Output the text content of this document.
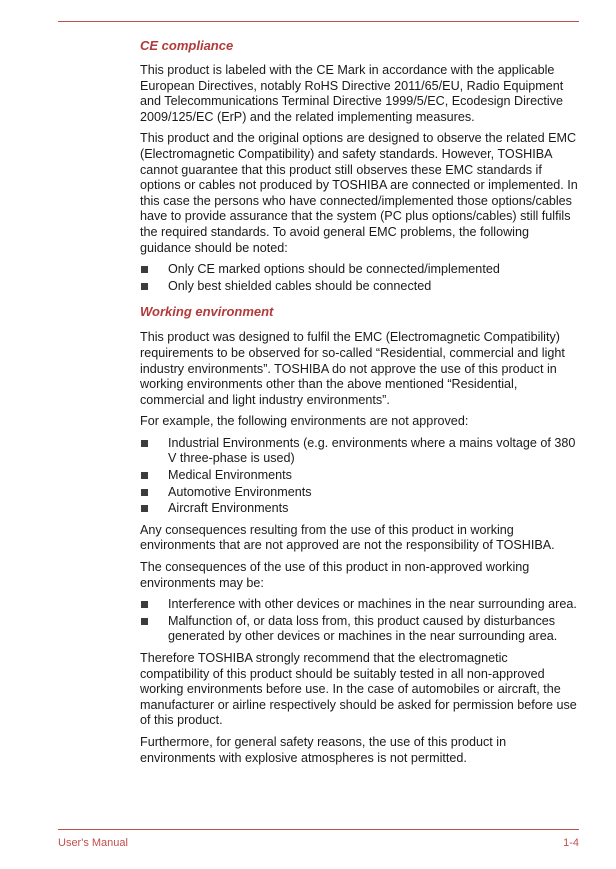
CE compliance

This product is labeled with the CE Mark in accordance with the applicable European Directives, notably RoHS Directive 2011/65/EU, Radio Equipment and Telecommunications Terminal Directive 1999/5/EC, Ecodesign Directive 2009/125/EC (ErP) and the related implementing measures.

This product and the original options are designed to observe the related EMC (Electromagnetic Compatibility) and safety standards. However, TOSHIBA cannot guarantee that this product still observes these EMC standards if options or cables not produced by TOSHIBA are connected or implemented. In this case the persons who have connected/implemented those options/cables have to provide assurance that the system (PC plus options/cables) still fulfils the required standards. To avoid general EMC problems, the following guidance should be noted:

Only CE marked options should be connected/implemented
Only best shielded cables should be connected
Working environment

This product was designed to fulfil the EMC (Electromagnetic Compatibility) requirements to be observed for so-called “Residential, commercial and light industry environments”. TOSHIBA do not approve the use of this product in working environments other than the above mentioned “Residential, commercial and light industry environments”.

For example, the following environments are not approved:

Industrial Environments (e.g. environments where a mains voltage of 380 V three-phase is used)
Medical Environments
Automotive Environments
Aircraft Environments

Any consequences resulting from the use of this product in working environments that are not approved are not the responsibility of TOSHIBA.

The consequences of the use of this product in non-approved working environments may be:

Interference with other devices or machines in the near surrounding area.
Malfunction of, or data loss from, this product caused by disturbances generated by other devices or machines in the near surrounding area.

Therefore TOSHIBA strongly recommend that the electromagnetic compatibility of this product should be suitably tested in all non-approved working environments before use. In the case of automobiles or aircraft, the manufacturer or airline respectively should be asked for permission before use of this product.

Furthermore, for general safety reasons, the use of this product in environments with explosive atmospheres is not permitted.

User's Manual	1-4
